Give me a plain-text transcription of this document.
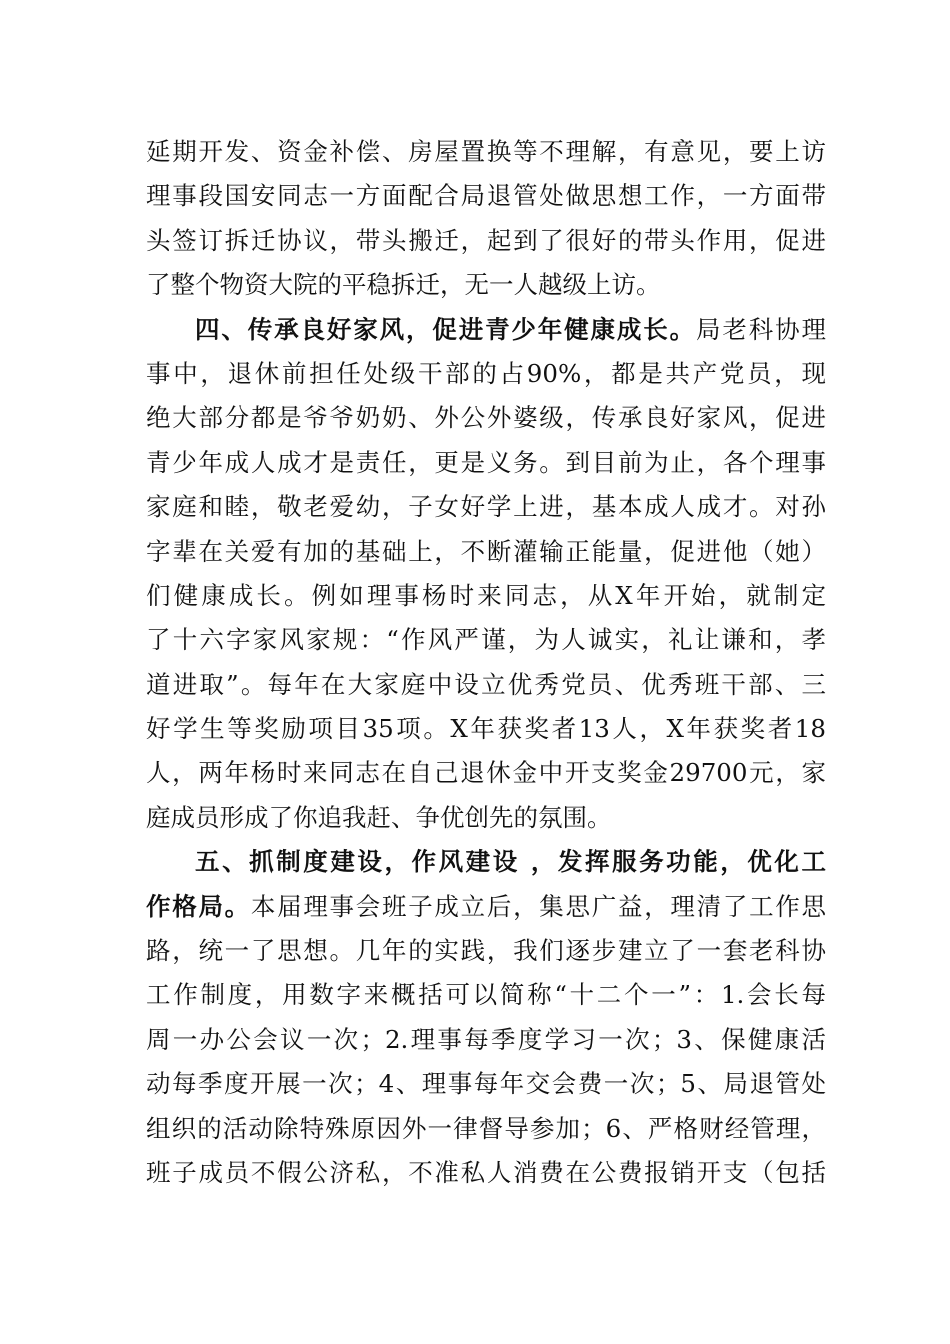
延期开发、资金补偿、房屋置换等不理解，有意见，要上访
理事段国安同志一方面配合局退管处做思想工作，一方面带
头签订拆迁协议，带头搬迁，起到了很好的带头作用，促进
了整个物资大院的平稳拆迁，无一人越级上访。
四、传承良好家风，促进青少年健康成长。局老科协理
事中，退休前担任处级干部的占90%，都是共产党员，现
绝大部分都是爷爷奶奶、外公外婆级，传承良好家风，促进
青少年成人成才是责任，更是义务。到目前为止，各个理事
家庭和睦，敬老爱幼，子女好学上进，基本成人成才。对孙
字辈在关爱有加的基础上，不断灌输正能量，促进他（她）
们健康成长。例如理事杨时来同志，从X年开始，就制定
了十六字家风家规：“作风严谨，为人诚实，礼让谦和，孝
道进取”。每年在大家庭中设立优秀党员、优秀班干部、三
好学生等奖励项目35项。X年获奖者13人，X年获奖者18
人，两年杨时来同志在自己退休金中开支奖金29700元，家
庭成员形成了你追我赶、争优创先的氛围。
五、抓制度建设，作风建设 ，发挥服务功能，优化工
作格局。本届理事会班子成立后，集思广益，理清了工作思
路，统一了思想。几年的实践，我们逐步建立了一套老科协
工作制度，用数字来概括可以简称“十二个一”：1.会长每
周一办公会议一次；2.理事每季度学习一次；3、保健康活
动每季度开展一次；4、理事每年交会费一次；5、局退管处
组织的活动除特殊原因外一律督导参加；6、严格财经管理，
班子成员不假公济私，不准私人消费在公费报销开支（包括
